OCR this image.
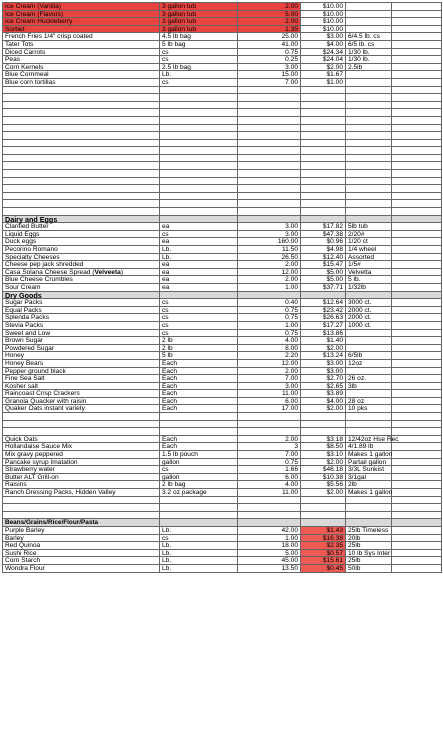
Ice Cream (Vanilla)	3 gallon tub	2.00	$10.00
Ice Cream (Flavors)	3 gallon tub	5.00	$10.00
Ice Cream Huckleberry	3 gallon tub	2.00	$10.00
Sorbet	3 gallon tub	1.35	$10.00
French Fries 1/4" crisp coated	4.5 lb bag	25.00	$3.00 6/4.5 lb. cs
Tater Tots	5 lb bag	41.00	$4.00 6/5 lb. cs
Diced Carrots	cs	0.75	$24.34 1/30 lb.
Peas	cs	0.25	$24.04 1/30 lb.
Corn Kernels	2.5 lb bag	3.00	$2.00 2.5lb
Blue Cornmeal	Lb.	15.00	$1.67
Blue corn tortillas	cs	7.00	$1.00
Dairy and Eggs
Clarified Butter	ea	3.00	$17.82 5lb tub
Liquid Eggs	cs	3.00	$47.38 2/20#
Duck eggs	ea	160.00	$0.96 1/20 ct
Pecorino Romano	Lb.	11.50	$4.98 1/4 wheel
Specialty Cheeses	Lb.	26.50	$12.40 Assorted
Cheese pep jack shredded	ea	2.00	$15.47 1/5#
Casa Solana Cheese Spread (Velveeta)	ea	12.00	$5.00 Velvetta
Blue Cheese Crumbles	ea	2.00	$5.00 5 lb.
Sour Cream	ea	1.00	$37.71 1/32lb
Dry Goods
Sugar Packs	cs	0.40	$12.64 3000 ct.
Equal Packs	cs	0.75	$23.42 2000 ct.
Splenda Packs	cs	0.75	$26.63 2000 ct.
Stevia Packs	cs	1.00	$17.27 1000 ct.
Sweet and Low	cs	0.75	$13.86
Brown Sugar	2 lb	4.00	$1.40
Powdered Sugar	2 lb	8.00	$2.00
Honey	5 lb	2.20	$13.24 6/5lb
Honey Bears	Each	12.00	$3.00 12oz
Pepper ground black	Each	2.00	$3.00
Fine Sea Salt	Each	7.00	$2.70 26 oz.
Kosher salt	Each	3.00	$2.65 3lb
Raincoast Crisp Crackers	Each	11.00	$3.89
Granola Quacker with raisin	Each	6.00	$4.00 28 oz
Quaker Oats instant variety	Each	17.00	$2.00 10 pks
Quick Oats	Each	2.00	$3.18 12/42oz Hse Rec
Hollandaise Sauce Mix	Each	3	$8.50 4/1.89 lb
Mix gravy peppered	1.5 lb pouch	7.00	$3.10 Makes 1 gallon
Pancake syrup Imatation	gallon	0.75	$2.00 Partail gallon
Strawberry water	cs	1.66	$46.18 3/3L Sunkist
Butter ALT Grill-on	gallon	6.00	$10.38 3/1gal
Raisins	2 lb bag	4.00	$5.56 2lb
Ranch Dressing Packs, Hidden Valley	3.2 oz package	11.00	$2.00 Makes 1 gallon
Beans/Grains/Rice/Flour/Pasta
Purple Barley	Lb.	42.00	$1.43 25lb Timeless
Barley	cs	1.00	$16.38 20lb
Red Quinoa	Lb.	18.00	$2.35 25lb
Sushi Rice	Lb.	5.00	$0.57 10 lb Sys Inter
Corn Starch	Lb.	45.00	$15.61 25lb
Wondra Flour	Lb.	13.50	$0.45 50lb
